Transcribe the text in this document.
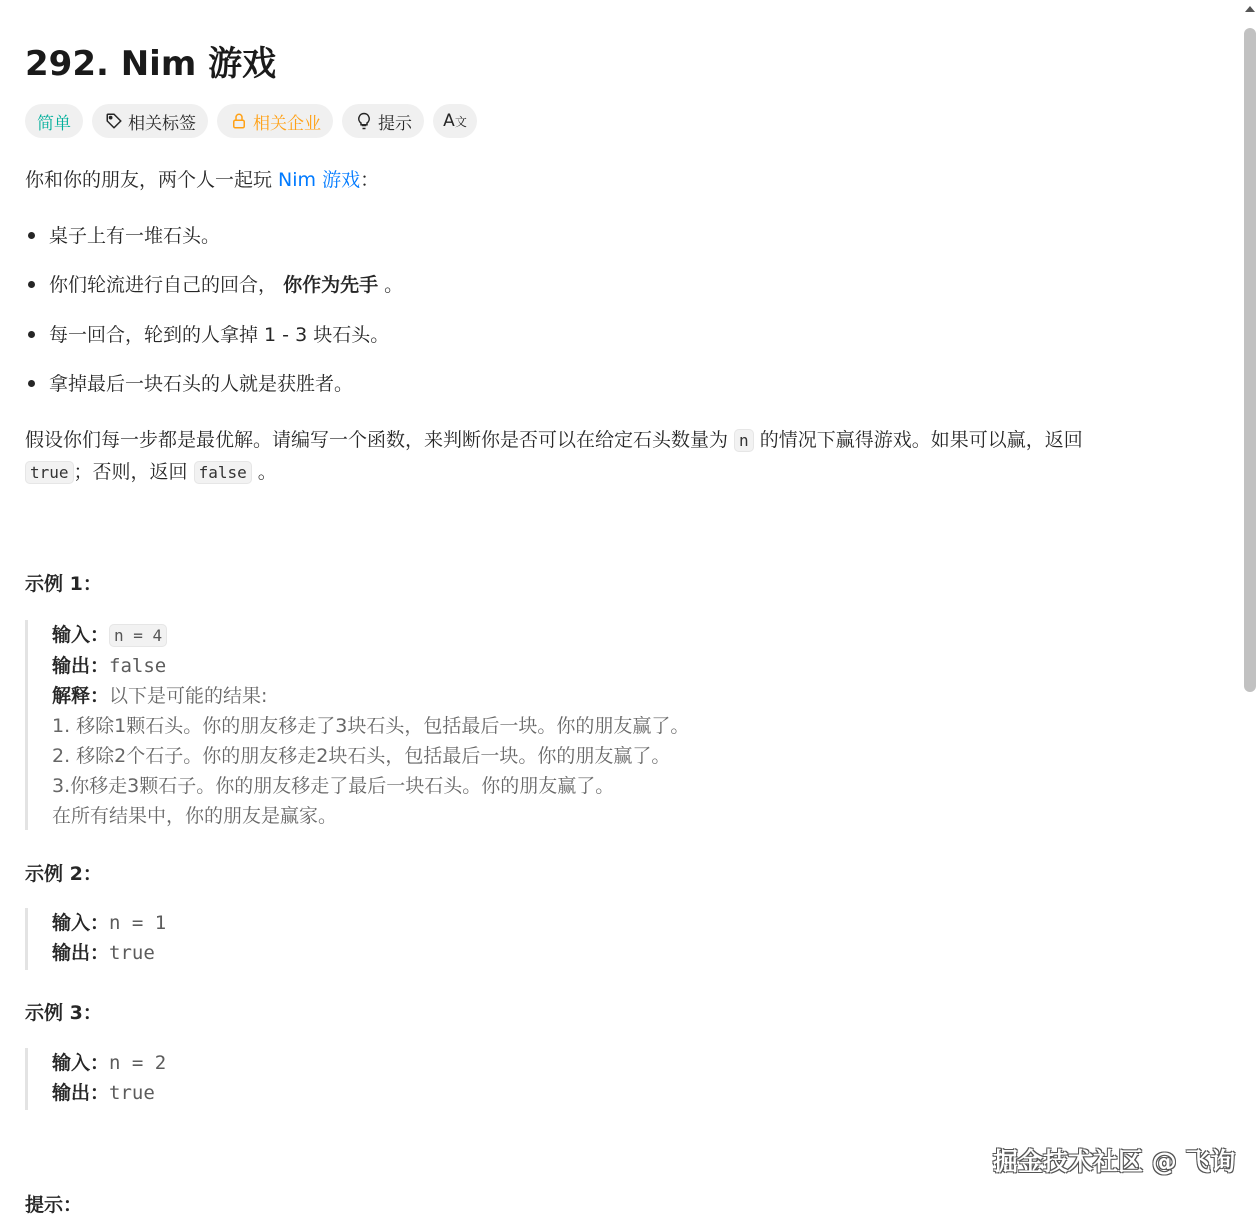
292. Nim 游戏
简单	相关标签	相关企业	提示 A 文
你和你的朋友，两个人一起玩 Nim 游戏：
桌子上有一堆石头。
你们轮流进行自己的回合， 你作为先手 。
每一回合，轮到的人拿掉 1 - 3 块石头。
拿掉最后一块石头的人就是获胜者。
假设你们每一步都是最优解。请编写一个函数，来判断你是否可以在给定石头数量为 n 的情况下赢得游戏。如果可以赢，返回
true ；否则，返回 false 。
示例 1：
输入： n = 4
输出：false
解释：以下是可能的结果:
1. 移除1颗石头。你的朋友移走了3块石头，包括最后一块。你的朋友赢了。
2. 移除2个石子。你的朋友移走2块石头，包括最后一块。你的朋友赢了。
3.你移走3颗石子。你的朋友移走了最后一块石头。你的朋友赢了。
在所有结果中，你的朋友是赢家。
示例 2：
输入：n = 1
输出：true
示例 3：
输入：n = 2
输出：true
提示：
掘金技术社区 @ 飞询
